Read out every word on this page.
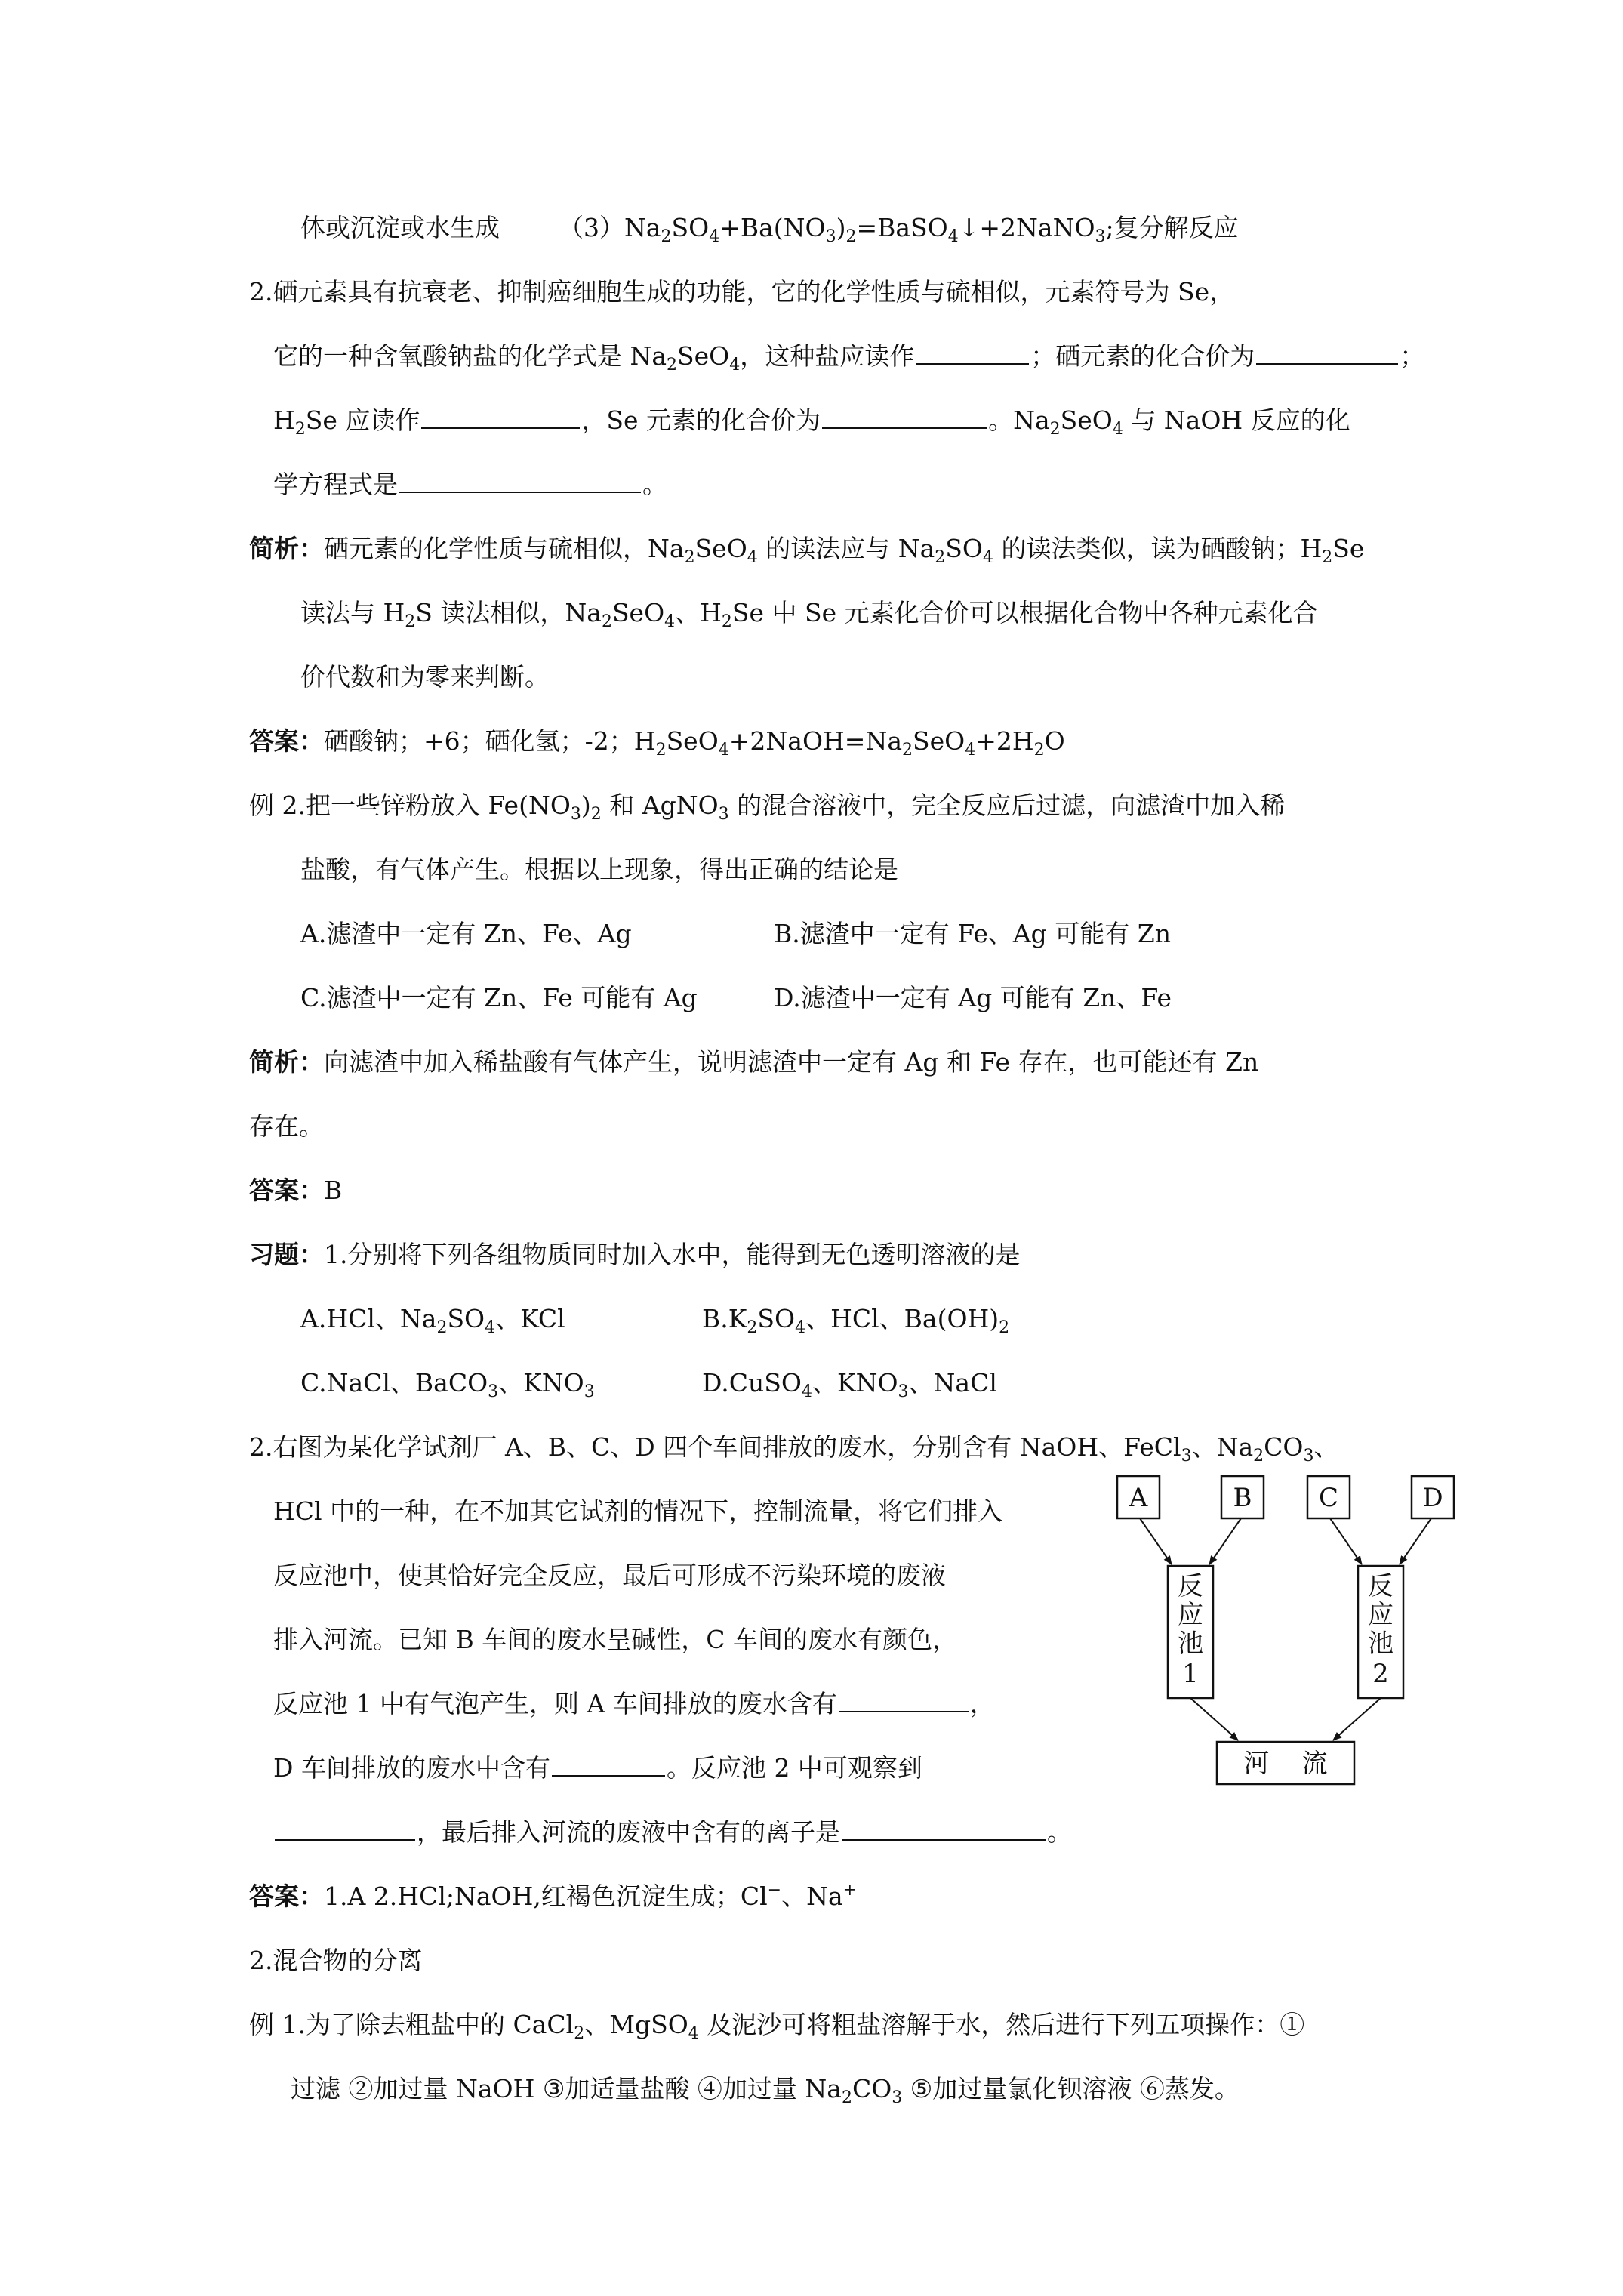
体或沉淀或水生成 $(3)Na_2SO_4+Ba(NO_3)_2=BaSO_4↓+2NaNO_3$;复分解反应
2.硒元素具有抗衰老、抑制癌细胞生成的功能，它的化学性质与硫相似，元素符号为 Se，
它的一种含氧酸钠盐的化学式是 $Na_2SeO_4$，这种盐应读作	；硒元素的化合价为	；
$H_2Se$ 应读作	，Se 元素的化合价为	。$Na_2SeO_4$ 与 NaOH 反应的化
学方程式是	。
简析：硒元素的化学性质与硫相似，$Na_2SeO_4$ 的读法应与 $Na_2SO_4$ 的读法类似，读为硒酸钠；$H_2Se$
读法与 $H_2S$ 读法相似，$Na_2SeO_4$、$H_2Se$ 中 Se 元素化合价可以根据化合物中各种元素化合
价代数和为零来判断。
答案：硒酸钠；+6；硒化氢；-2；$H_2SeO_4+2NaOH=Na_2SeO_4+2H_2O$
例 2.把一些锌粉放入 $Fe(NO_3)_2$ 和 AgNO$_3$ 的混合溶液中，完全反应后过滤，向滤渣中加入稀
盐酸，有气体产生。根据以上现象，得出正确的结论是
A.滤渣中一定有 Zn、Fe、Ag	B.滤渣中一定有 Fe、Ag 可能有 Zn
C.滤渣中一定有 Zn、Fe 可能有 Ag	D.滤渣中一定有 Ag 可能有 Zn、Fe
简析：向滤渣中加入稀盐酸有气体产生，说明滤渣中一定有 Ag 和 Fe 存在，也可能还有 Zn
存在。
答案：B
习题：1.分别将下列各组物质同时加入水中，能得到无色透明溶液的是
A.HCl、$Na_2SO_4$、KCl	$B.K_2SO_4$、HCl、$Ba(OH)_2$
C.NaCl、BaCO$_3$、$KNO_3$	D.CuSO$_4$、$KNO_3$、NaCl
2.右图为某化学试剂厂 A、B、C、D 四个车间排放的废水，分别含有 NaOH、FeCl$_3$、$Na_2CO_3$、
HCl 中的一种，在不加其它试剂的情况下，控制流量，将它们排入
反应池中，使其恰好完全反应，最后可形成不污染环境的废液
排入河流。已知 B 车间的废水呈碱性，C 车间的废水有颜色，
反应池 1 中有气泡产生，则 A 车间排放的废水含有	，
D 车间排放的废水中含有	。反应池 2 中可观察到
，最后排入河流的废液中含有的离子是	。
A	B	C	D
反
应
池
1
反
应
池
2
河    流
答案：1.A 2.HCl;NaOH,红褐色沉淀生成；Cl−、Na+
2.混合物的分离
例 1.为了除去粗盐中的 CaCl$_2$、MgSO$_4$ 及泥沙可将粗盐溶解于水，然后进行下列五项操作：①
过滤 ②加过量 NaOH ③加适量盐酸 ④加过量 $Na_2CO_3$ ⑤加过量氯化钡溶液 ⑥蒸发。
